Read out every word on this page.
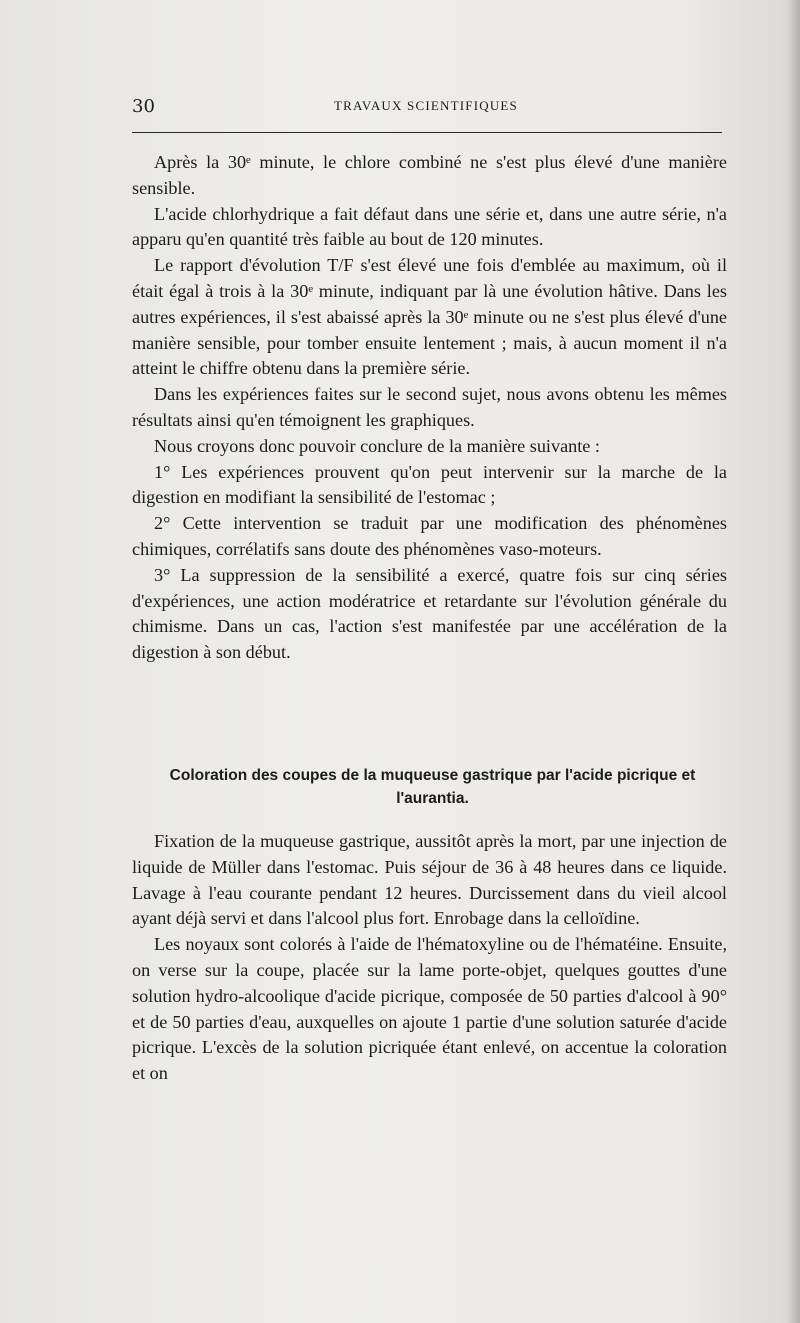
30	TRAVAUX SCIENTIFIQUES

Après la 30ᵉ minute, le chlore combiné ne s'est plus élevé d'une manière sensible.

L'acide chlorhydrique a fait défaut dans une série et, dans une autre série, n'a apparu qu'en quantité très faible au bout de 120 minutes.

Le rapport d'évolution T/F s'est élevé une fois d'emblée au maximum, où il était égal à trois à la 30ᵉ minute, indiquant par là une évolution hâtive. Dans les autres expériences, il s'est abaissé après la 30ᵉ minute ou ne s'est plus élevé d'une manière sensible, pour tomber ensuite lentement ; mais, à aucun moment il n'a atteint le chiffre obtenu dans la première série.

Dans les expériences faites sur le second sujet, nous avons obtenu les mêmes résultats ainsi qu'en témoignent les graphiques.

Nous croyons donc pouvoir conclure de la manière suivante :

1° Les expériences prouvent qu'on peut intervenir sur la marche de la digestion en modifiant la sensibilité de l'estomac ;

2° Cette intervention se traduit par une modification des phénomènes chimiques, corrélatifs sans doute des phénomènes vaso-moteurs.

3° La suppression de la sensibilité a exercé, quatre fois sur cinq séries d'expériences, une action modératrice et retardante sur l'évolution générale du chimisme. Dans un cas, l'action s'est manifestée par une accélération de la digestion à son début.

Coloration des coupes de la muqueuse gastrique par l'acide picrique et l'aurantia.

Fixation de la muqueuse gastrique, aussitôt après la mort, par une injection de liquide de Müller dans l'estomac. Puis séjour de 36 à 48 heures dans ce liquide. Lavage à l'eau courante pendant 12 heures. Durcissement dans du vieil alcool ayant déjà servi et dans l'alcool plus fort. Enrobage dans la celloïdine.

Les noyaux sont colorés à l'aide de l'hématoxyline ou de l'hématéine. Ensuite, on verse sur la coupe, placée sur la lame porte-objet, quelques gouttes d'une solution hydro-alcoolique d'acide picrique, composée de 50 parties d'alcool à 90° et de 50 parties d'eau, auxquelles on ajoute 1 partie d'une solution saturée d'acide picrique. L'excès de la solution picriquée étant enlevé, on accentue la coloration et on
